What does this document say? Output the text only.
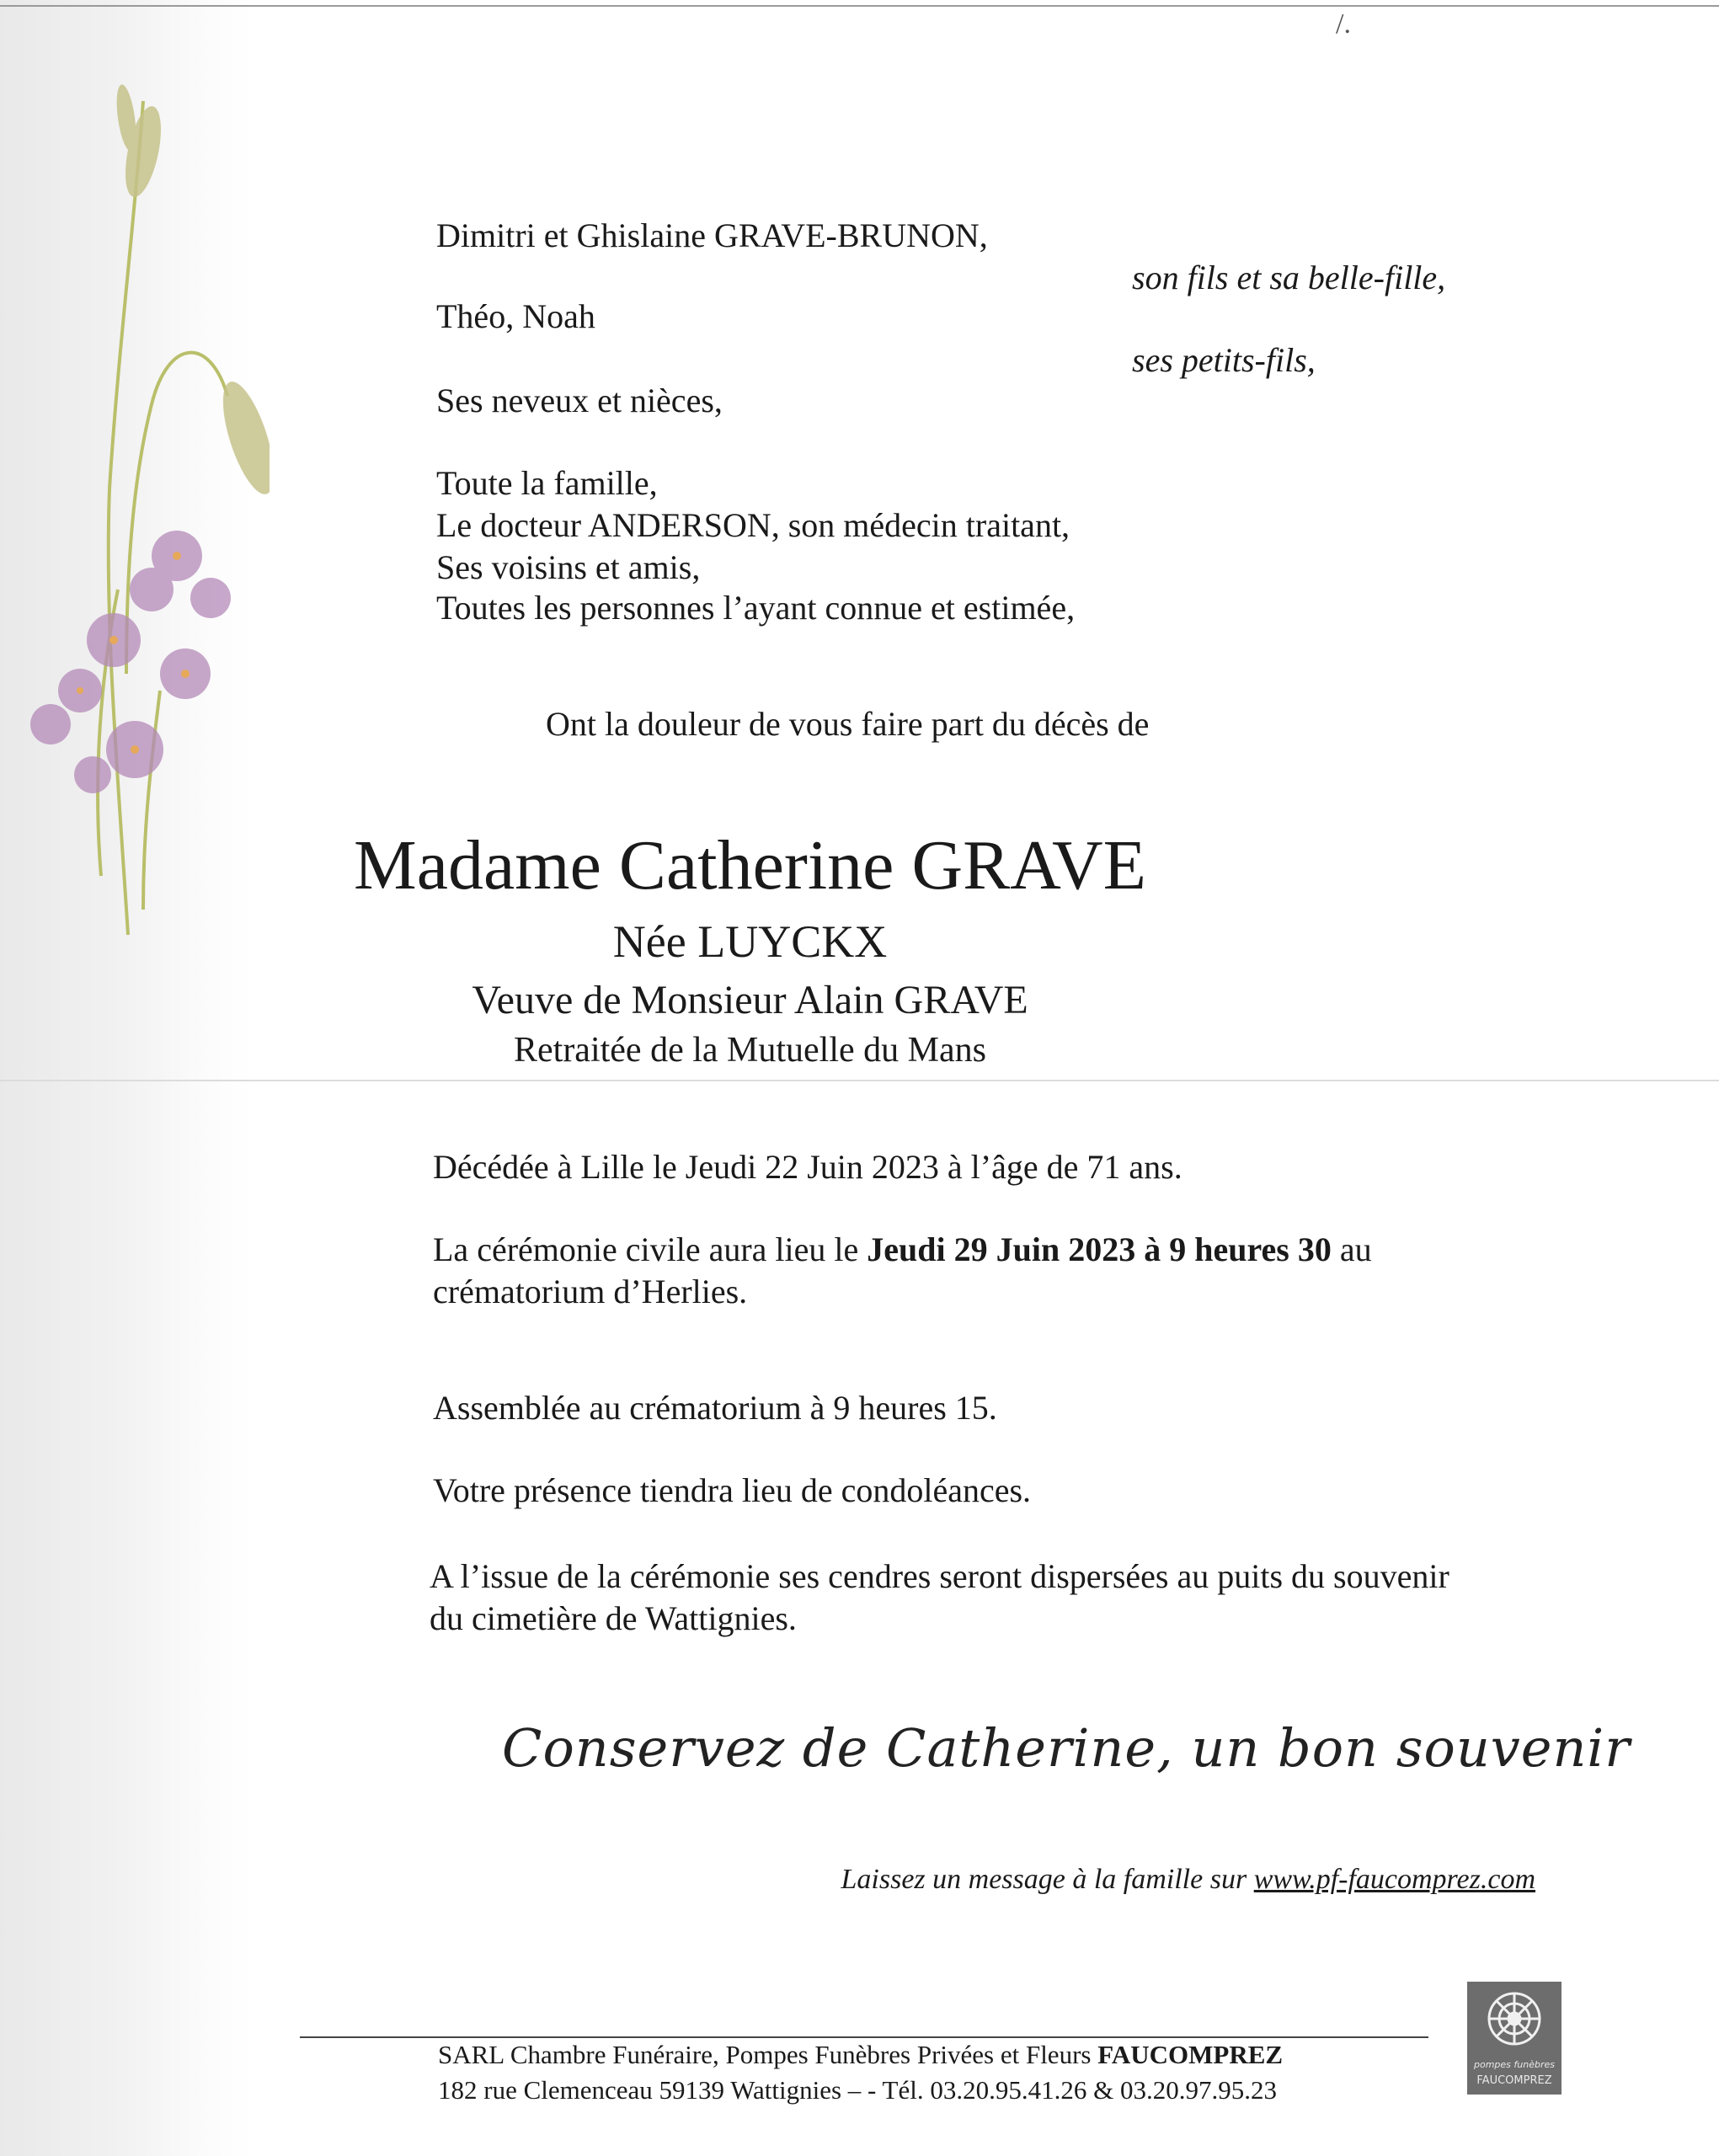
/.
Dimitri et Ghislaine GRAVE-BRUNON,
son fils et sa belle-fille,
Théo, Noah
ses petits-fils,
Ses neveux et nièces,
Toute la famille,
Le docteur ANDERSON, son médecin traitant,
Ses voisins et amis,
Toutes les personnes l’ayant connue et estimée,
Ont la douleur de vous faire part du décès de
Madame Catherine GRAVE
Née LUYCKX
Veuve de Monsieur Alain GRAVE
Retraitée de la Mutuelle du Mans
Décédée à Lille le Jeudi 22 Juin 2023 à l’âge de 71 ans.
La cérémonie civile aura lieu le Jeudi 29 Juin 2023 à 9 heures 30 au
crématorium d’Herlies.
Assemblée au crématorium à 9 heures 15.
Votre présence tiendra lieu de condoléances.
A l’issue de la cérémonie ses cendres seront dispersées au puits du souvenir
du cimetière de Wattignies.
Conservez de Catherine, un bon souvenir
Laissez un message à la famille sur www.pf-faucomprez.com
SARL Chambre Funéraire, Pompes Funèbres Privées et Fleurs FAUCOMPREZ
182 rue Clemenceau 59139 Wattignies – - Tél. 03.20.95.41.26 & 03.20.97.95.23
pompes funèbres
FAUCOMPREZ
